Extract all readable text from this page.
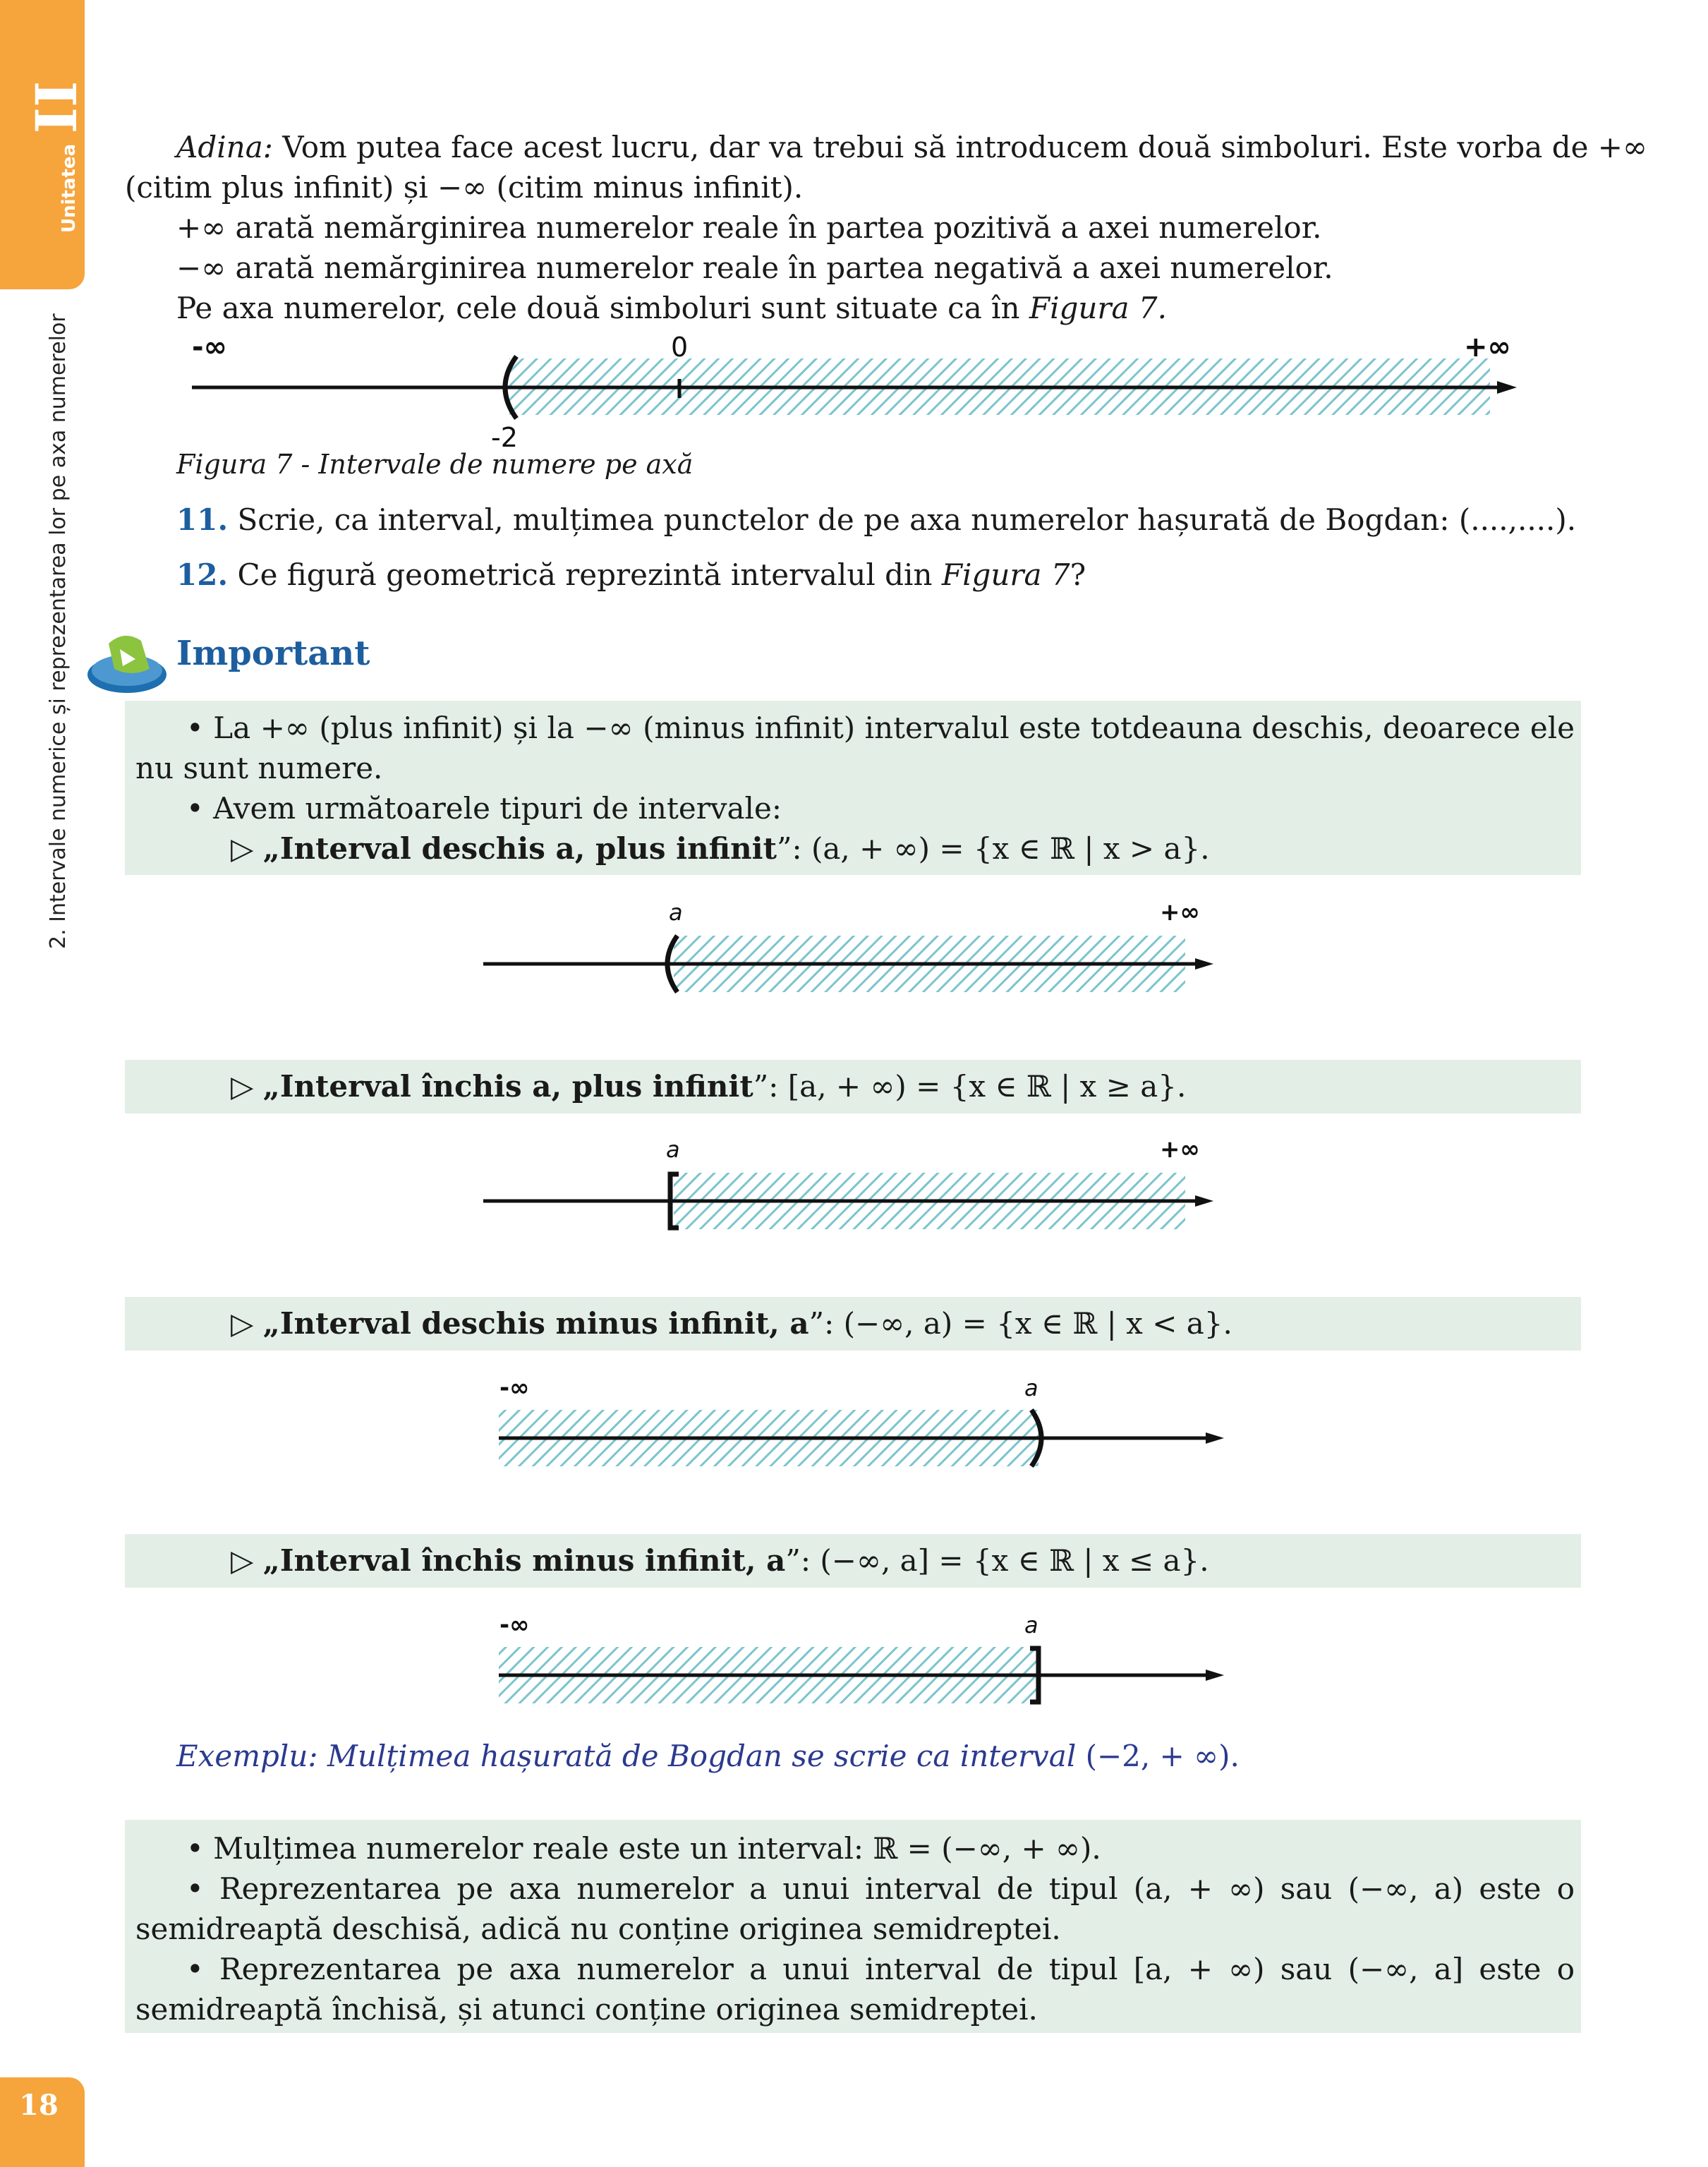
II
Unitatea
2. Intervale numerice și reprezentarea lor pe axa numerelor
18
Adina: Vom putea face acest lucru, dar va trebui să introducem două simboluri. Este vorba de +∞
(citim plus infinit) și −∞ (citim minus infinit).
+∞ arată nemărginirea numerelor reale în partea pozitivă a axei numerelor.
−∞ arată nemărginirea numerelor reale în partea negativă a axei numerelor.
Pe axa numerelor, cele două simboluri sunt situate ca în Figura 7.
-∞	+∞
0
-2
a	+∞
a	+∞
-∞	a
-∞	a
Figura 7 - Intervale de numere pe axă
11. Scrie, ca interval, mulțimea punctelor de pe axa numerelor hașurată de Bogdan: (....,....).
12. Ce figură geometrică reprezintă intervalul din Figura 7?
Important
• La +∞ (plus infinit) și la −∞ (minus infinit) intervalul este totdeauna deschis, deoarece ele nu sunt numere.
• Avem următoarele tipuri de intervale:
▷ „Interval deschis a, plus infinit”: (a, + ∞) = {x ∈ ℝ | x > a}.
▷ „Interval închis a, plus infinit”: [a, + ∞) = {x ∈ ℝ | x ≥ a}.
▷ „Interval deschis minus infinit, a”: (−∞, a) = {x ∈ ℝ | x < a}.
▷ „Interval închis minus infinit, a”: (−∞, a] = {x ∈ ℝ | x ≤ a}.
Exemplu: Mulțimea hașurată de Bogdan se scrie ca interval (−2, + ∞).
• Mulțimea numerelor reale este un interval: ℝ = (−∞, + ∞).
• Reprezentarea pe axa numerelor a unui interval de tipul (a, + ∞) sau (−∞, a) este o semidreaptă deschisă, adică nu conține originea semidreptei.
• Reprezentarea pe axa numerelor a unui interval de tipul [a, + ∞) sau (−∞, a] este o semidreaptă închisă, și atunci conține originea semidreptei.
